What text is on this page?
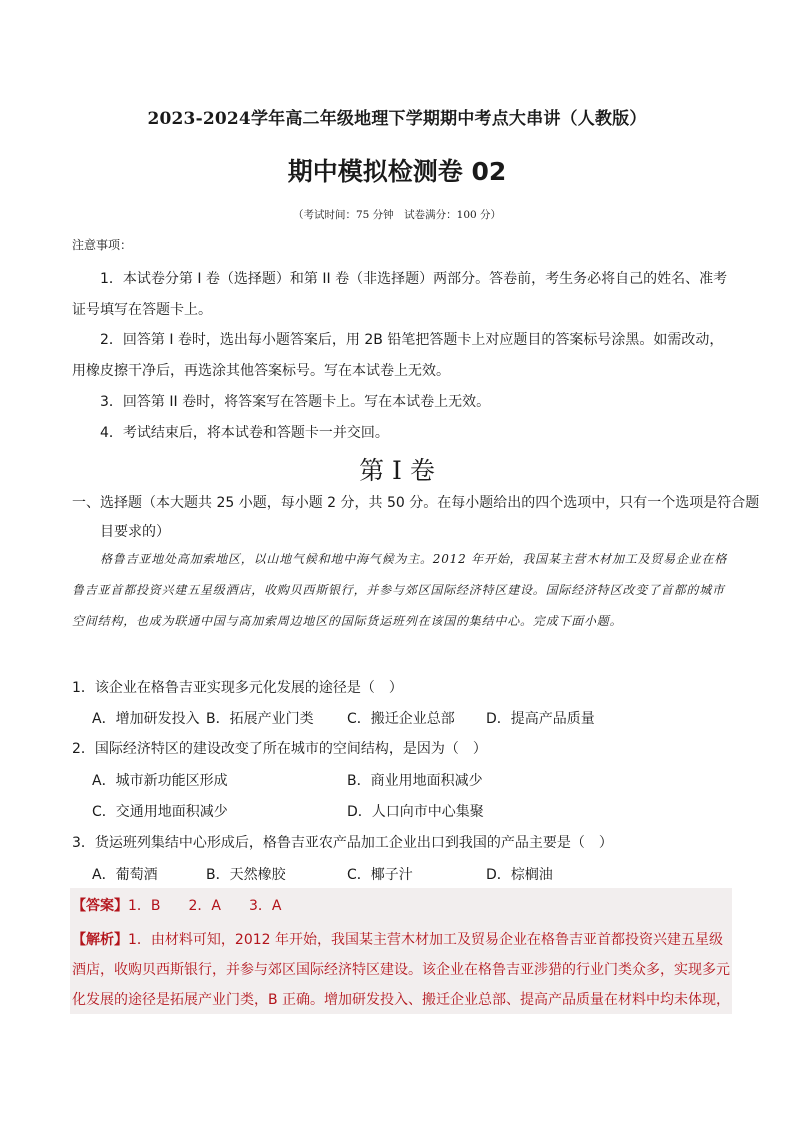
2023-2024学年高二年级地理下学期期中考点大串讲（人教版）
期中模拟检测卷 02
（考试时间：75 分钟　试卷满分：100 分）
注意事项：
1．本试卷分第 I 卷（选择题）和第 II 卷（非选择题）两部分。答卷前，考生务必将自己的姓名、准考证号填写在答题卡上。
2．回答第 I 卷时，选出每小题答案后，用 2B 铅笔把答题卡上对应题目的答案标号涂黑。如需改动，用橡皮擦干净后，再选涂其他答案标号。写在本试卷上无效。
3．回答第 II 卷时，将答案写在答题卡上。写在本试卷上无效。
4．考试结束后，将本试卷和答题卡一并交回。
第 I 卷
一、选择题（本大题共 25 小题，每小题 2 分，共 50 分。在每小题给出的四个选项中，只有一个选项是符合题目要求的）
格鲁吉亚地处高加索地区，以山地气候和地中海气候为主。2012 年开始，我国某主营木材加工及贸易企业在格鲁吉亚首都投资兴建五星级酒店，收购贝西斯银行，并参与郊区国际经济特区建设。国际经济特区改变了首都的城市空间结构，也成为联通中国与高加索周边地区的国际货运班列在该国的集结中心。完成下面小题。
1．该企业在格鲁吉亚实现多元化发展的途径是（　）
A．增加研发投入 B．拓展产业门类 C．搬迁企业总部 D．提高产品质量
2．国际经济特区的建设改变了所在城市的空间结构，是因为（　）
A．城市新功能区形成	B．商业用地面积减少
C．交通用地面积减少	D．人口向市中心集聚
3．货运班列集结中心形成后，格鲁吉亚农产品加工企业出口到我国的产品主要是（　）
A．葡萄酒	B．天然橡胶	C．椰子汁	D．棕榈油
【答案】1．B　　2．A　　3．A
【解析】1．由材料可知，2012 年开始，我国某主营木材加工及贸易企业在格鲁吉亚首都投资兴建五星级酒店，收购贝西斯银行，并参与郊区国际经济特区建设。该企业在格鲁吉亚涉猎的行业门类众多，实现多元化发展的途径是拓展产业门类，B 正确。增加研发投入、搬迁企业总部、提高产品质量在材料中均未体现，
